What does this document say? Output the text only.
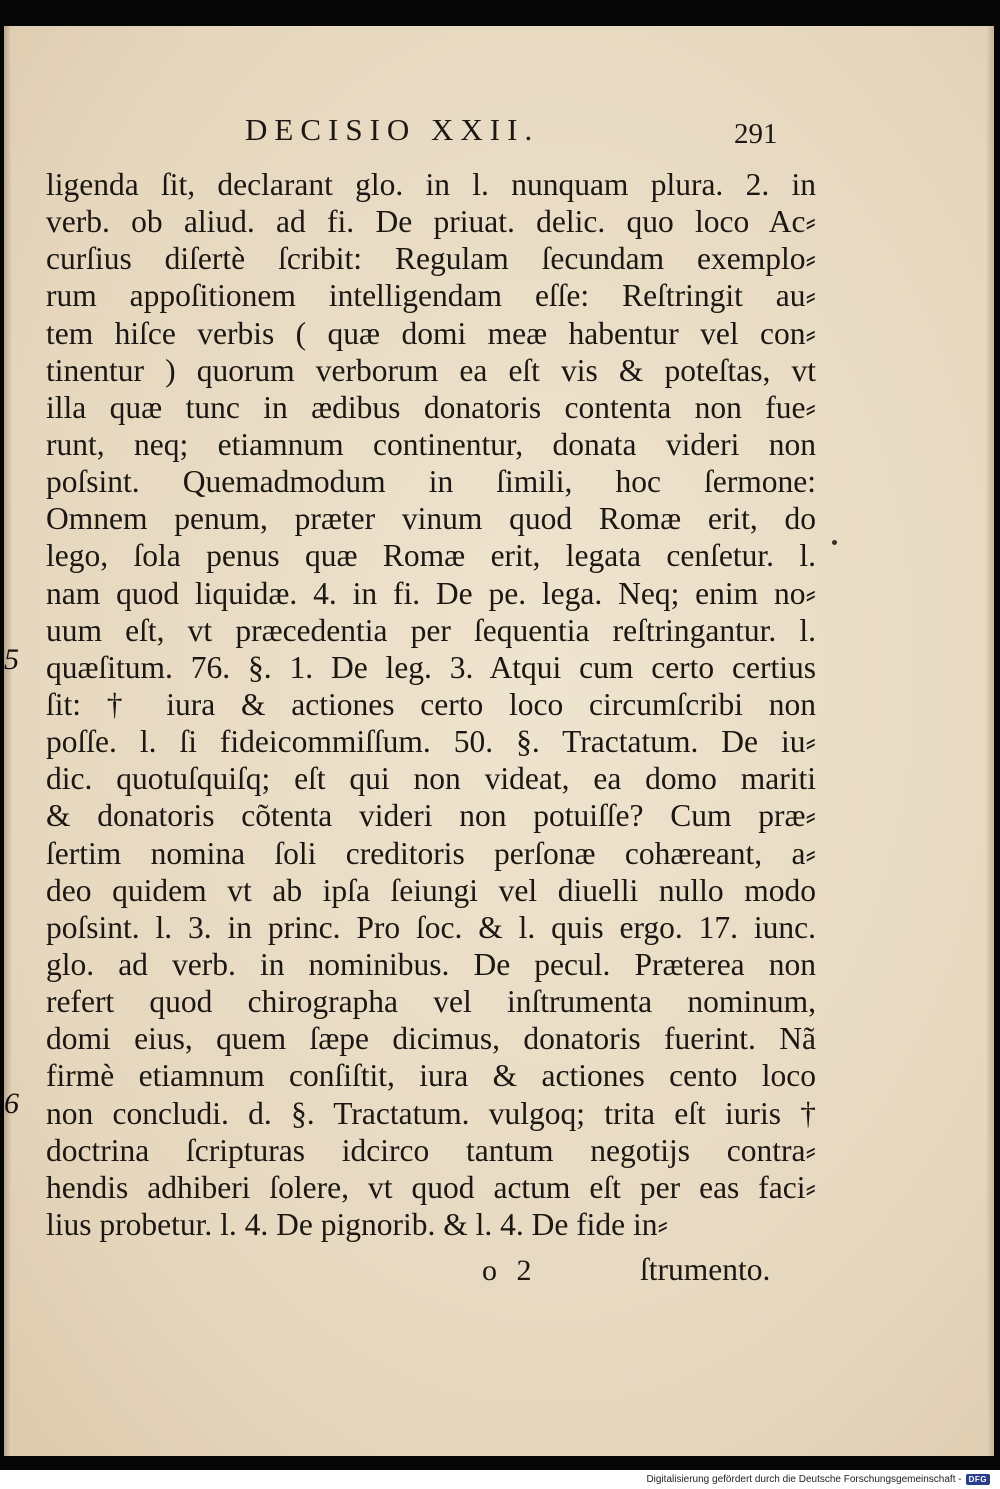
DECISIO XXII.	291
ligenda ſit, declarant glo. in l. nunquam plura. 2. in
verb. ob aliud. ad fi. De priuat. delic. quo loco Ac⸗
curſius diſertè ſcribit: Regulam ſecundam exemplo⸗
rum appoſitionem intelligendam eſſe: Reſtringit au⸗
tem hiſce verbis ( quæ domi meæ habentur vel con⸗
tinentur ) quorum verborum ea eſt vis & poteſtas, vt
illa quæ tunc in ædibus donatoris contenta non fue⸗
runt, neq; etiamnum continentur, donata videri non
poſsint. Quemadmodum in ſimili, hoc ſermone:
Omnem penum, præter vinum quod Romæ erit, do
lego, ſola penus quæ Romæ erit, legata cenſetur. l.
nam quod liquidæ. 4. in fi. De pe. lega. Neq; enim no⸗
uum eſt, vt præcedentia per ſequentia reſtringantur. l.
quæſitum. 76. §. 1. De leg. 3. Atqui cum certo certius
ſit: † iura & actiones certo loco circumſcribi non
poſſe. l. ſi fideicommiſſum. 50. §. Tractatum. De iu⸗
dic. quotuſquiſq; eſt qui non videat, ea domo mariti
& donatoris cõtenta videri non potuiſſe? Cum præ⸗
ſertim nomina ſoli creditoris perſonæ cohæreant, a⸗
deo quidem vt ab ipſa ſeiungi vel diuelli nullo modo
poſsint. l. 3. in princ. Pro ſoc. & l. quis ergo. 17. iunc.
glo. ad verb. in nominibus. De pecul. Præterea non
refert quod chirographa vel inſtrumenta nominum,
domi eius, quem ſæpe dicimus, donatoris fuerint. Nã
firmè etiamnum conſiſtit, iura & actiones cento loco
non concludi. d. §. Tractatum. vulgoq; trita eſt iuris †
doctrina ſcripturas idcirco tantum negotijs contra⸗
hendis adhiberi ſolere, vt quod actum eſt per eas faci⸗
lius probetur. l. 4. De pignorib. & l. 4. De fide in⸗
5
6
o 2	ſtrumento.
Digitalisierung gefördert durch die Deutsche Forschungsgemeinschaft - DFG
